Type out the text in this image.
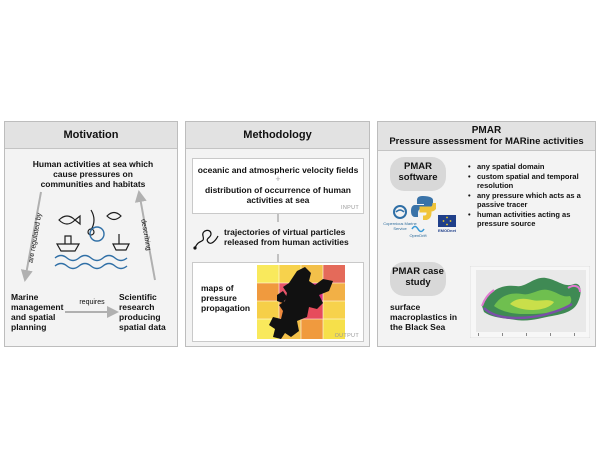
Motivation
Human activities at sea which cause pressures on communities and habitats
are regulated by	describing
Marine management and spatial planning
requires
Scientific research producing spatial data
Methodology
oceanic and atmospheric velocity fields
+
distribution of occurrence of human activities at sea
INPUT
trajectories of virtual particles released from human activities
maps of pressure propagation
OUTPUT
PMAR
Pressure assessment for MARine activities
PMAR software
Copernicus Marine Service	EMODnet
OpenDrift
• any spatial domain
• custom spatial and temporal resolution
• any pressure which acts as a passive tracer
• human activities acting as pressure source
PMAR case study
surface macroplastics in the Black Sea
